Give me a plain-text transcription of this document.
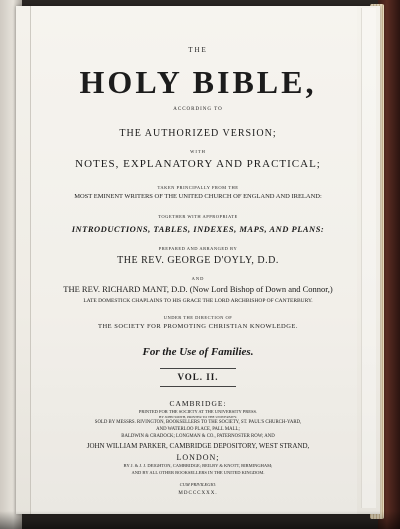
THE
HOLY BIBLE,
ACCORDING TO
THE AUTHORIZED VERSION;
WITH
NOTES, EXPLANATORY AND PRACTICAL;
TAKEN PRINCIPALLY FROM THE
MOST EMINENT WRITERS OF THE UNITED CHURCH OF ENGLAND AND IRELAND:
TOGETHER WITH APPROPRIATE
INTRODUCTIONS, TABLES, INDEXES, MAPS, AND PLANS:
PREPARED AND ARRANGED BY
THE REV. GEORGE D'OYLY, D.D.
AND
THE REV. RICHARD MANT, D.D. (Now Lord Bishop of Down and Connor,)
LATE DOMESTICK CHAPLAINS TO HIS GRACE THE LORD ARCHBISHOP OF CANTERBURY.
UNDER THE DIRECTION OF
THE SOCIETY FOR PROMOTING CHRISTIAN KNOWLEDGE.
For the Use of Families.
VOL. II.
CAMBRIDGE:
PRINTED FOR THE SOCIETY AT THE UNIVERSITY PRESS.
BY JOHN SMITH, PRINTER TO THE UNIVERSITY.
SOLD BY MESSRS. RIVINGTON, BOOKSELLERS TO THE SOCIETY, ST. PAUL'S CHURCH-YARD,
AND WATERLOO PLACE, PALL MALL;
BALDWIN & CRADOCK; LONGMAN & CO., PATERNOSTER ROW; AND
JOHN WILLIAM PARKER, CAMBRIDGE DEPOSITORY, WEST STRAND,
LONDON;
BY J. & J. J. DEIGHTON, CAMBRIDGE; BEILBY & KNOTT, BIRMINGHAM;
AND BY ALL OTHER BOOKSELLERS IN THE UNITED KINGDOM.
CUM PRIVILEGIO.
MDCCCXXX.
